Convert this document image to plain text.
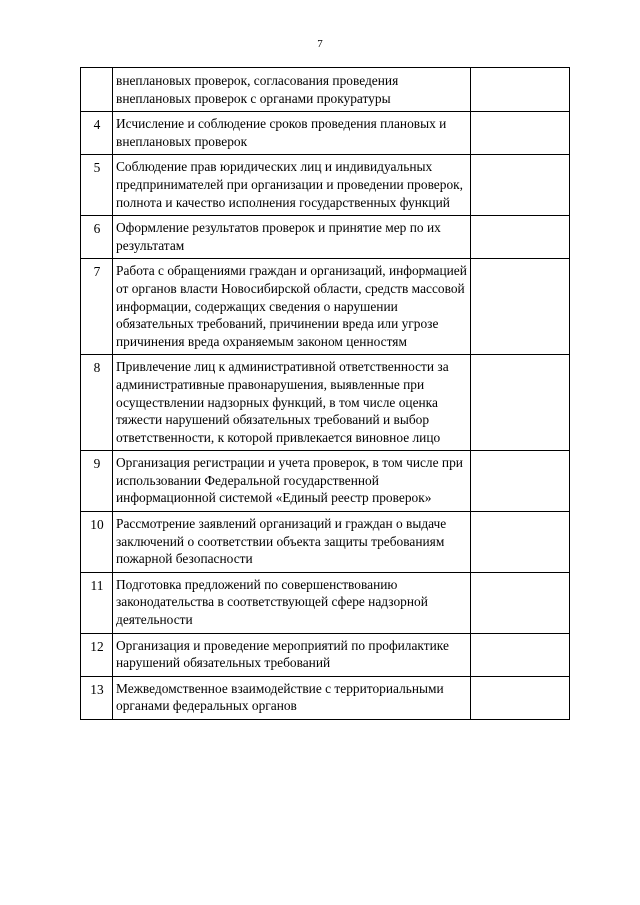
7
	внеплановых проверок, согласования проведения внеплановых проверок с органами прокуратуры	
4	Исчисление и соблюдение сроков проведения плановых и внеплановых проверок	
5	Соблюдение прав юридических лиц и индивидуальных предпринимателей при организации и проведении проверок, полнота и качество исполнения государственных функций	
6	Оформление результатов проверок и принятие мер по их результатам	
7	Работа с обращениями граждан и организаций, информацией от органов власти Новосибирской области, средств массовой информации, содержащих сведения о нарушении обязательных требований, причинении вреда или угрозе причинения вреда охраняемым законом ценностям	
8	Привлечение лиц к административной ответственности за административные правонарушения, выявленные при осуществлении надзорных функций, в том числе оценка тяжести нарушений обязательных требований и выбор ответственности, к которой привлекается виновное лицо	
9	Организация регистрации и учета проверок, в том числе при использовании Федеральной государственной информационной системой «Единый реестр проверок»	
10	Рассмотрение заявлений организаций и граждан о выдаче заключений о соответствии объекта защиты требованиям пожарной безопасности	
11	Подготовка предложений по совершенствованию законодательства в соответствующей сфере надзорной деятельности	
12	Организация и проведение мероприятий по профилактике нарушений обязательных требований	
13	Межведомственное взаимодействие с территориальными органами федеральных органов	
